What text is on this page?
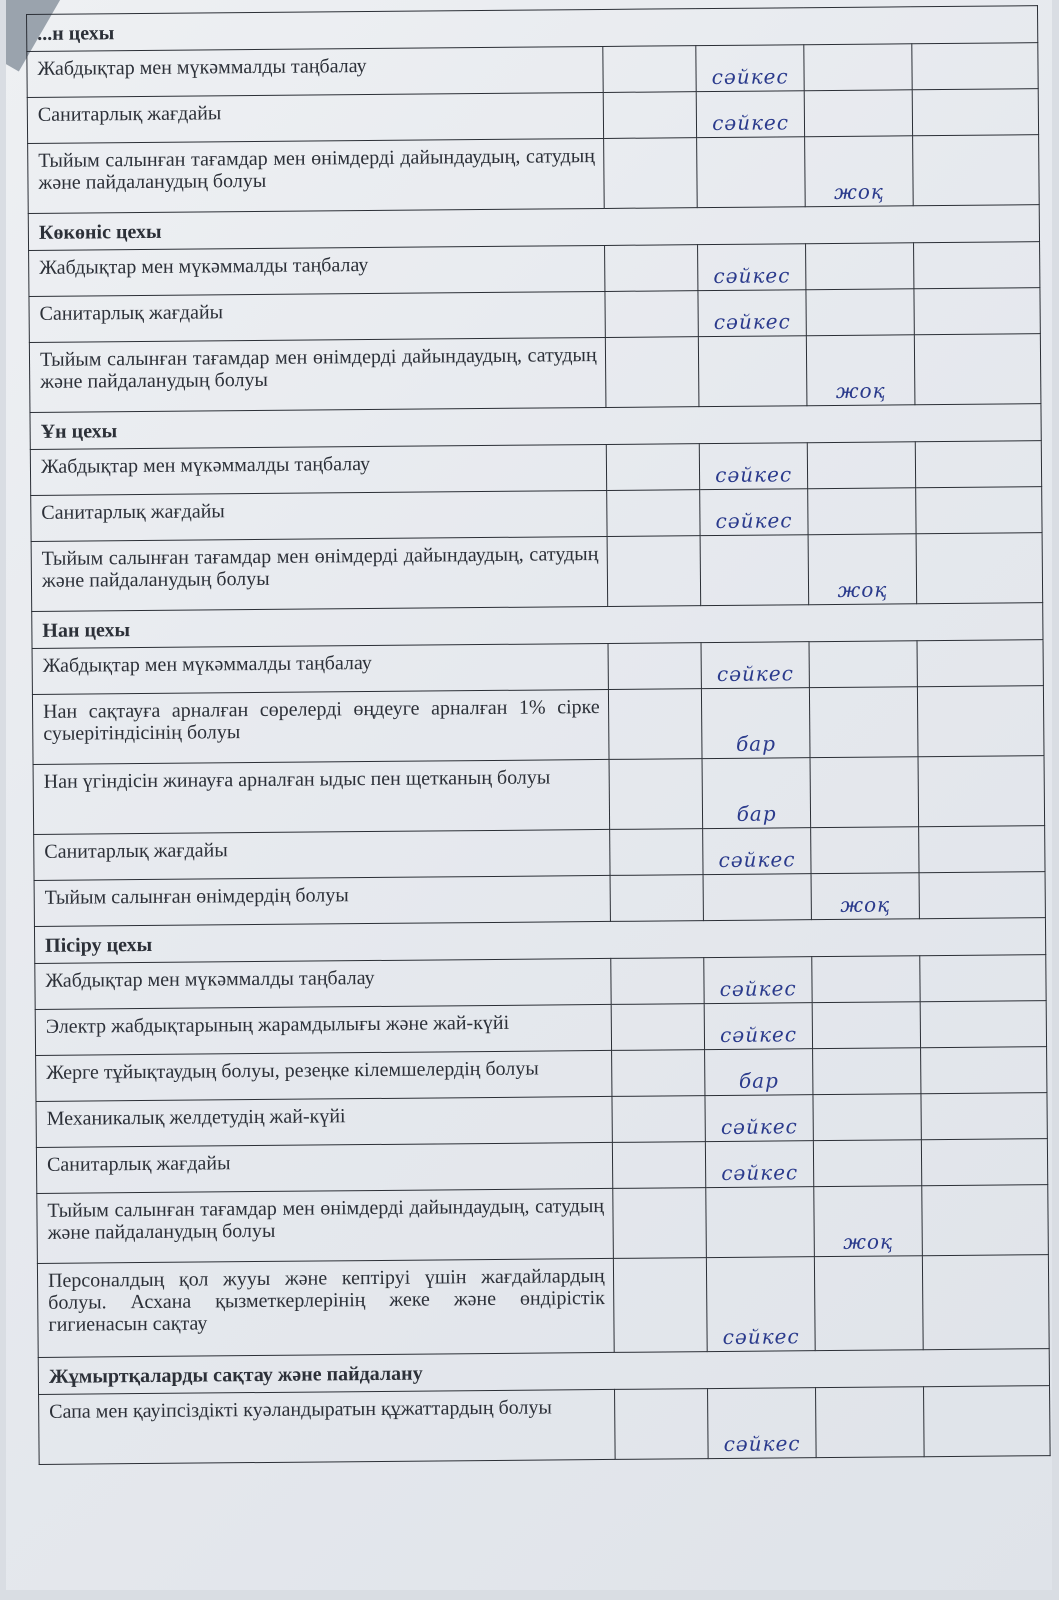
...н цехы				
Жабдықтар мен мүкәммалды таңбалау		сәйкес		
Санитарлық жағдайы		сәйкес		
Тыйым салынған тағамдар мен өнімдерді дайындаудың, сатудың және пайдаланудың болуы			жоқ	
Көкөніс цехы				
Жабдықтар мен мүкәммалды таңбалау		сәйкес		
Санитарлық жағдайы		сәйкес		
Тыйым салынған тағамдар мен өнімдерді дайындаудың, сатудың және пайдаланудың болуы			жоқ	
Ұн цехы				
Жабдықтар мен мүкәммалды таңбалау		сәйкес		
Санитарлық жағдайы		сәйкес		
Тыйым салынған тағамдар мен өнімдерді дайындаудың, сатудың және пайдаланудың болуы			жоқ	
Нан цехы				
Жабдықтар мен мүкәммалды таңбалау		сәйкес		
Нан сақтауға арналған сөрелерді өңдеуге арналған 1% сірке суыерітіндісінің болуы		бар		
Нан үгіндісін жинауға арналған ыдыс пен щетканың болуы		бар		
Санитарлық жағдайы		сәйкес		
Тыйым салынған өнімдердің болуы			жоқ	
Пісіру цехы				
Жабдықтар мен мүкәммалды таңбалау		сәйкес		
Электр жабдықтарының жарамдылығы және жай-күйі		сәйкес		
Жерге тұйықтаудың болуы, резеңке кілемшелердің болуы		бар		
Механикалық желдетудің жай-күйі		сәйкес		
Санитарлық жағдайы		сәйкес		
Тыйым салынған тағамдар мен өнімдерді дайындаудың, сатудың және пайдаланудың болуы			жоқ	
Персоналдың қол жууы және кептіруі үшін жағдайлардың болуы. Асхана қызметкерлерінің жеке және өндірістік гигиенасын сақтау		сәйкес		
Жұмыртқаларды сақтау және пайдалану				
Сапа мен қауіпсіздікті куәландыратын құжаттардың болуы		сәйкес		
